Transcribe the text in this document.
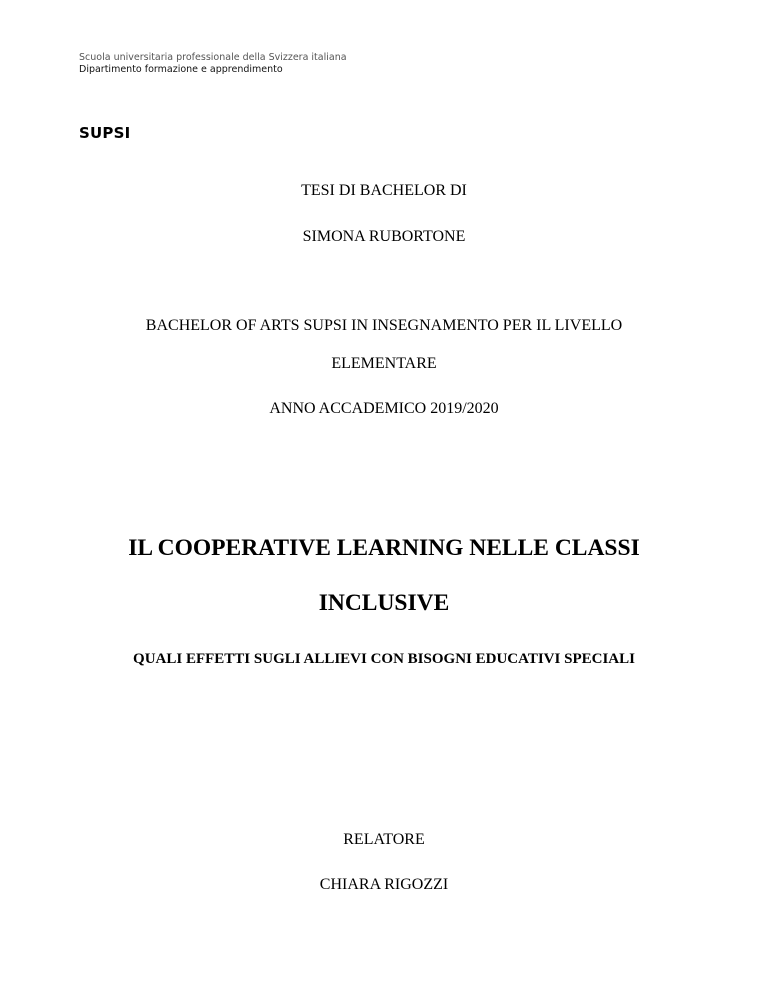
Scuola universitaria professionale della Svizzera italiana
Dipartimento formazione e apprendimento
SUPSI
TESI DI BACHELOR DI
SIMONA RUBORTONE
BACHELOR OF ARTS SUPSI IN INSEGNAMENTO PER IL LIVELLO
ELEMENTARE
ANNO ACCADEMICO 2019/2020
IL COOPERATIVE LEARNING NELLE CLASSI
INCLUSIVE
QUALI EFFETTI SUGLI ALLIEVI CON BISOGNI EDUCATIVI SPECIALI
RELATORE
CHIARA RIGOZZI
